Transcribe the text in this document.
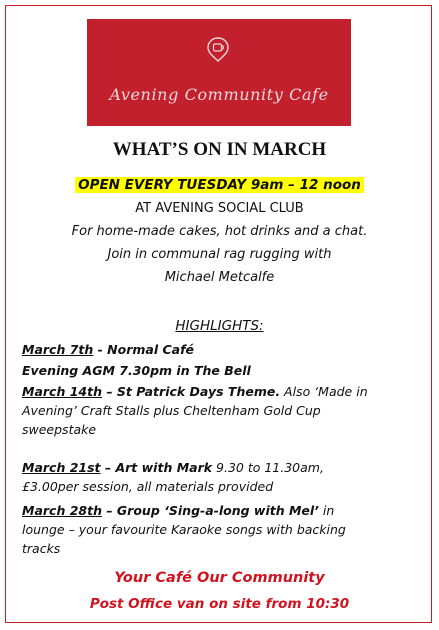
Avening Community Cafe
WHAT’S ON IN MARCH
OPEN EVERY TUESDAY 9am – 12 noon
AT AVENING SOCIAL CLUB
For home-made cakes, hot drinks and a chat.
Join in communal rag rugging with
Michael Metcalfe
HIGHLIGHTS:
March 7th - Normal Café
Evening AGM 7.30pm in The Bell
March 14th – St Patrick Days Theme. Also ‘Made in
Avening’ Craft Stalls plus Cheltenham Gold Cup
sweepstake
March 21st – Art with Mark 9.30 to 11.30am,
£3.00per session, all materials provided
March 28th – Group ‘Sing-a-long with Mel’ in
lounge – your favourite Karaoke songs with backing
tracks
Your Café Our Community
Post Office van on site from 10:30
